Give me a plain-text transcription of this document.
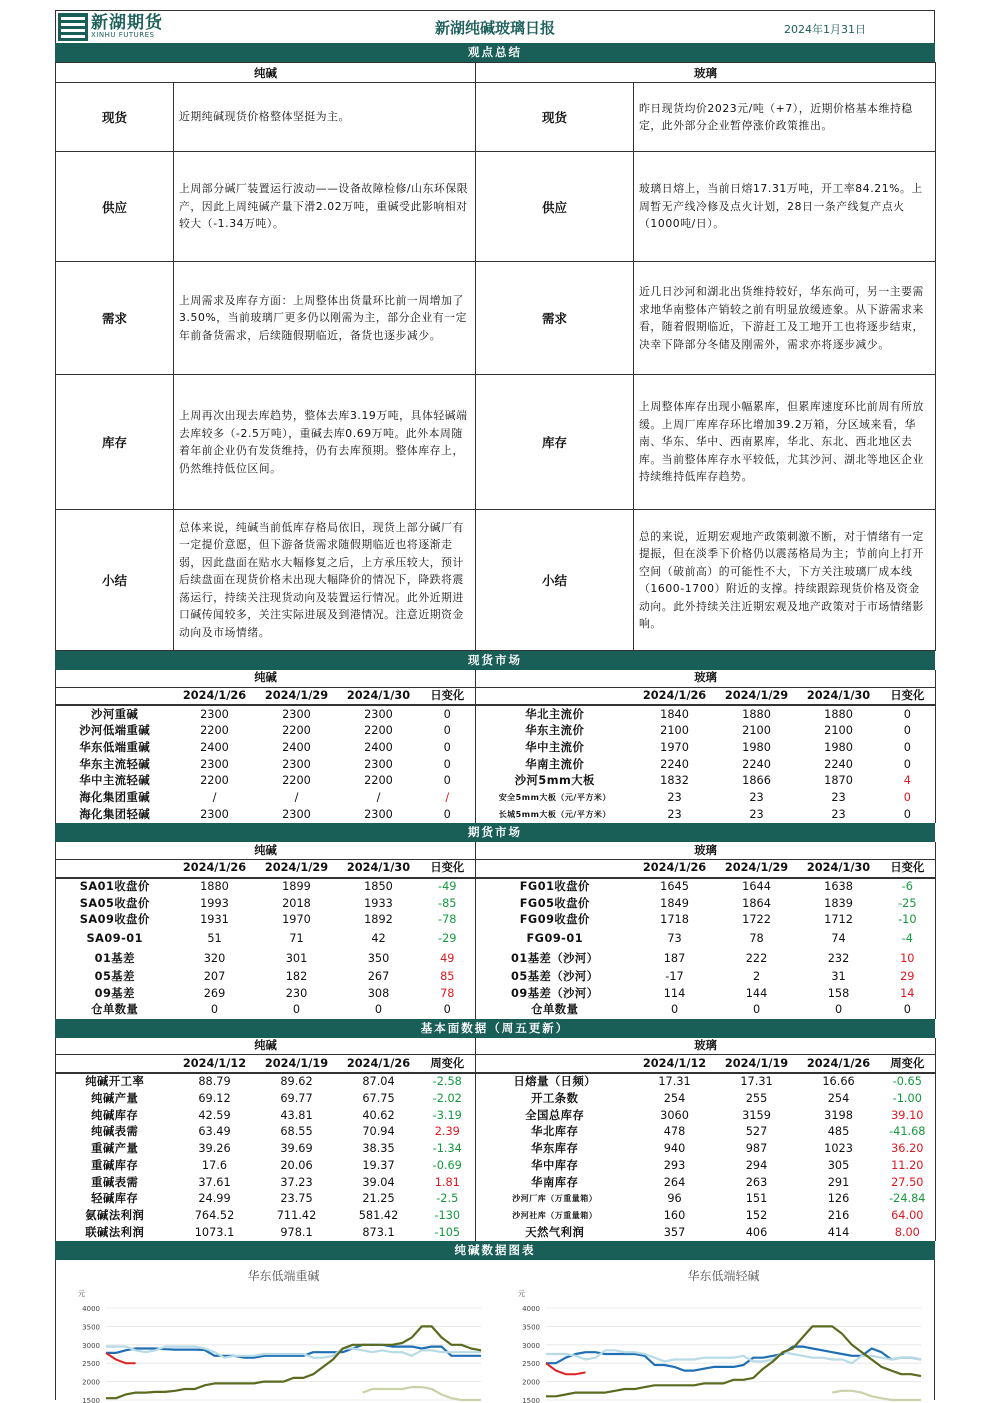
新湖期货
XINHU FUTURES	新湖纯碱玻璃日报	2024年1月31日
观点总结
纯碱		玻璃	
现货	近期纯碱现货价格整体坚挺为主。	现货	昨日现货均价2023元/吨（+7），近期价格基本维持稳定，此外部分企业暂停涨价政策推出。
供应	上周部分碱厂装置运行波动——设备故障检修/山东环保限产，因此上周纯碱产量下滑2.02万吨，重碱受此影响相对较大（-1.34万吨）。	供应	玻璃日熔上，当前日熔17.31万吨，开工率84.21%。上周暂无产线冷修及点火计划，28日一条产线复产点火（1000吨/日）。
需求	上周需求及库存方面：上周整体出货量环比前一周增加了3.50%，当前玻璃厂更多仍以刚需为主，部分企业有一定年前备货需求，后续随假期临近，备货也逐步减少。	需求	近几日沙河和湖北出货维持较好，华东尚可，另一主要需求地华南整体产销较之前有明显放缓迹象。从下游需求来看，随着假期临近，下游赶工及工地开工也将逐步结束，决幸下降部分冬储及刚需外，需求亦将逐步减少。
库存	上周再次出现去库趋势，整体去库3.19万吨，具体轻碱端去库较多（-2.5万吨），重碱去库0.69万吨。此外本周随着年前企业仍有发货维持，仍有去库预期。整体库存上，仍然维持低位区间。	库存	上周整体库存出现小幅累库，但累库速度环比前周有所放缓。上周厂库库存环比增加39.2万箱，分区域来看，华南、华东、华中、西南累库，华北、东北、西北地区去库。当前整体库存水平较低，尤其沙河、湖北等地区企业持续维持低库存趋势。
小结	总体来说，纯碱当前低库存格局依旧，现货上部分碱厂有一定提价意愿，但下游备货需求随假期临近也将逐渐走弱，因此盘面在贴水大幅修复之后，上方承压较大，预计后续盘面在现货价格未出现大幅降价的情况下，降跌将震荡运行，持续关注现货动向及装置运行情况。此外近期进口碱传闻较多，关注实际进展及到港情况。注意近期资金动向及市场情绪。	小结	总的来说，近期宏观地产政策刺激不断，对于情绪有一定提振，但在淡季下价格仍以震荡格局为主；节前向上打开空间（破前高）的可能性不大，下方关注玻璃厂成本线（1600-1700）附近的支撑。持续跟踪现货价格及资金动向。此外持续关注近期宏观及地产政策对于市场情绪影响。
现货市场
纯碱					玻璃				
	2024/1/26	2024/1/29	2024/1/30	日变化		2024/1/26	2024/1/29	2024/1/30	日变化
沙河重碱	2300	2300	2300	0	华北主流价	1840	1880	1880	0
沙河低端重碱	2200	2200	2200	0	华东主流价	2100	2100	2100	0
华东低端重碱	2400	2400	2400	0	华中主流价	1970	1980	1980	0
华东主流轻碱	2300	2300	2300	0	华南主流价	2240	2240	2240	0
华中主流轻碱	2200	2200	2200	0	沙河5mm大板	1832	1866	1870	4
海化集团重碱	/	/	/	/	安全5mm大板（元/平方米）	23	23	23	0
海化集团轻碱	2300	2300	2300	0	长城5mm大板（元/平方米）	23	23	23	0
期货市场
纯碱					玻璃				
	2024/1/26	2024/1/29	2024/1/30	日变化		2024/1/26	2024/1/29	2024/1/30	日变化
SA01收盘价	1880	1899	1850	-49	FG01收盘价	1645	1644	1638	-6
SA05收盘价	1993	2018	1933	-85	FG05收盘价	1849	1864	1839	-25
SA09收盘价	1931	1970	1892	-78	FG09收盘价	1718	1722	1712	-10
SA09-01	51	71	42	-29	FG09-01	73	78	74	-4
01基差	320	301	350	49	01基差（沙河）	187	222	232	10
05基差	207	182	267	85	05基差（沙河）	-17	2	31	29
09基差	269	230	308	78	09基差（沙河）	114	144	158	14
仓单数量	0	0	0	0	仓单数量	0	0	0	0
基本面数据（周五更新）
纯碱					玻璃				
	2024/1/12	2024/1/19	2024/1/26	周变化		2024/1/12	2024/1/19	2024/1/26	周变化
纯碱开工率	88.79	89.62	87.04	-2.58	日熔量（日频）	17.31	17.31	16.66	-0.65
纯碱产量	69.12	69.77	67.75	-2.02	开工条数	254	255	254	-1.00
纯碱库存	42.59	43.81	40.62	-3.19	全国总库存	3060	3159	3198	39.10
纯碱表需	63.49	68.55	70.94	2.39	华北库存	478	527	485	-41.68
重碱产量	39.26	39.69	38.35	-1.34	华东库存	940	987	1023	36.20
重碱库存	17.6	20.06	19.37	-0.69	华中库存	293	294	305	11.20
重碱表需	37.61	37.23	39.04	1.81	华南库存	264	263	291	27.50
轻碱库存	24.99	23.75	21.25	-2.5	沙河厂库（万重量箱）	96	151	126	-24.84
氨碱法利润	764.52	711.42	581.42	-130	沙河社库（万重量箱）	160	152	216	64.00
联碱法利润	1073.1	978.1	873.1	-105	天然气利润	357	406	414	8.00
纯碱数据图表
华东低端重碱
元
4000
3500
3000
2500
2000
1500
华东低端轻碱
元
4000
3500
3000
2500
2000
1500
